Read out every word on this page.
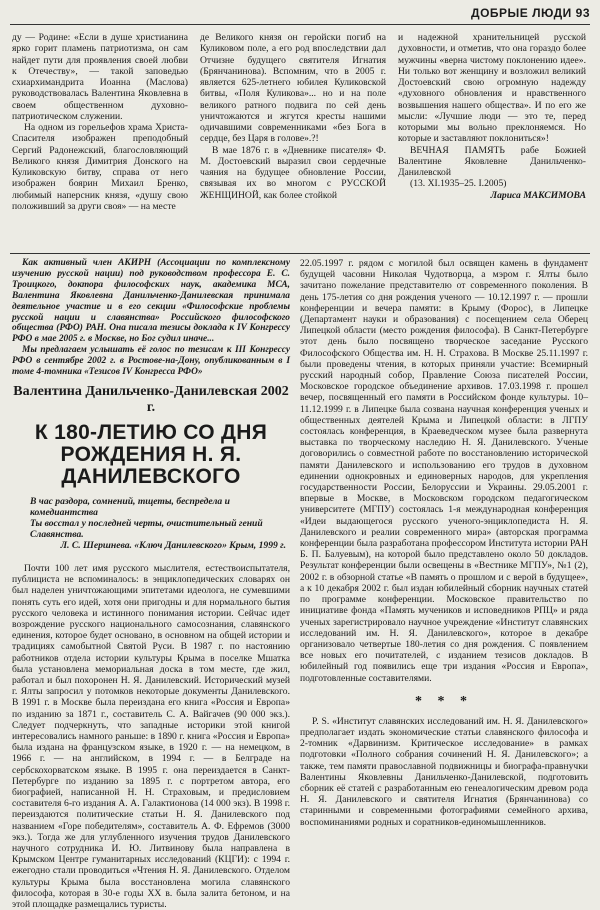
ДОБРЫЕ ЛЮДИ 93

ду — Родине: «Если в душе христианина ярко горит пламень патриотизма, он сам найдет пути для проявления своей любви к Отечеству», — такой заповедью схиархимандрита Иоанна (Маслова) руководствовалась Валентина Яковлевна в своем общественном духовно-патриотическом служении.

На одном из горельефов храма Христа-Спасителя изображен преподобный Сергий Радонежский, благословляющий Великого князя Димитрия Донского на Куликовскую битву, справа от него изображен боярин Михаил Бренко, любимый наперсник князя, «душу свою положивший за други своя» — на месте

де Великого князя он геройски погиб на Куликовом поле, а его род впоследствии дал Отчизне будущего святителя Игнатия (Брянчанинова). Вспомним, что в 2005 г. является 625-летнего юбилея Куликовской битвы, «Поля Куликова»... но и на поле великого ратного подвига по сей день уничтожаются и жгутся кресты нашими одичавшими современниками «без Бога в сердце, без Царя в голове».?!

В мае 1876 г. в «Дневнике писателя» Ф. М. Достоевский выразил свои сердечные чаяния на будущее обновление России, связывая их во многом с РУССКОЙ ЖЕНЩИНОЙ, как более стойкой

и надежной хранительницей русской духовности, и отметив, что она гораздо более мужчины «верна чистому поклонению идее». Ни только вот женщину и возложил великий Достоевский свою огромную надежду «духовного обновления и нравственного возвышения нашего общества». И по его же мысли: «Лучшие люди — это те, перед которыми мы вольно преклоняемся. Но которые и заставляют поклониться»!

ВЕЧНАЯ ПАМЯТЬ рабе Божией Валентине Яковлевне Данильченко-Данилевской

(13. XI.1935–25. I.2005)

Лариса МАКСИМОВА

Как активный член АКИРН (Ассоциации по комплексному изучению русской нации) под руководством профессора Е. С. Троицкого, доктора философских наук, академика МСА, Валентина Яковлевна Данильченко-Данилевская принимала деятельное участие и в его секции «Философские проблемы русской нации и славянства» Российского философского общества (РФО) РАН. Она писала тезисы доклада к IV Конгрессу РФО в мае 2005 г. в Москве, но Бог судил иначе...

Мы предлагаем услышать её голос по тезисам к III Конгрессу РФО в сентябре 2002 г. в Ростове-на-Дону, опубликованным в I томе 4-томника «Тезисов IV Конгресса РФО»

Валентина Данильченко-Данилевская 2002 г.
К 180-ЛЕТИЮ СО ДНЯ РОЖДЕНИЯ Н. Я. ДАНИЛЕВСКОГО
В час раздора, сомнений, тщеты, беспредела и комедиантства
Ты восстал у последней черты, очистительный гений Славянства.
Л. С. Шершнева. «Ключ Данилевского» Крым, 1999 г.

Почти 100 лет имя русского мыслителя, естествоиспытателя, публициста не вспоминалось: в энциклопедических словарях он был наделен уничтожающими эпитетами идеолога, не сумевшими понять суть его идей, хотя они пригодны и для нормального бытия русского человека и истинного понимания истории. Сейчас идет возрождение русского национального самосознания, славянского единения, которое будет основано, в основном на общей истории и традициях самобытной Святой Руси. В 1987 г. по настоянию работников отдела истории культуры Крыма в поселке Мшатка была установлена мемориальная доска в том месте, где жил, работал и был похоронен Н. Я. Данилевский. Исторический музей г. Ялты запросил у потомков некоторые документы Данилевского. В 1991 г. в Москве была переиздана его книга «Россия и Европа» по изданию за 1871 г., составитель С. А. Вайгачев (90 000 экз.). Следует подчеркнуть, что западные историки этой книгой интересовались намного раньше: в 1890 г. книга «Россия и Европа» была издана на французском языке, в 1920 г. — на немецком, в 1966 г. — на английском, в 1994 г. — в Белграде на сербскохорватском языке. В 1995 г. она переиздается в Санкт-Петербурге по изданию за 1895 г. с портретом автора, его биографией, написанной Н. Н. Страховым, и предисловием составителя 6-го издания А. А. Галактионова (14 000 экз). В 1998 г. переиздаются политические статьи Н. Я. Данилевского под названием «Горе победителям», составитель А. Ф. Ефремов (3000 экз.). Тогда же для углубленного изучения трудов Данилевского научного сотрудника И. Ю. Литвинову была направлена в Крымском Центре гуманитарных исследований (КЦГИ): с 1994 г. ежегодно стали проводиться «Чтения Н. Я. Данилевского. Отделом культуры Крыма была восстановлена могила славянского философа, которая в 30-е годы XX в. была залита бетоном, и на этой площадке размещались туристы.

22.05.1997 г. рядом с могилой был освящен камень в фундамент будущей часовни Николая Чудотворца, а мэром г. Ялты было зачитано пожелание представителю от современного поколения. В день 175-летия со дня рождения ученого — 10.12.1997 г. — прошли конференции и вечера памяти: в Крыму (Форос), в Липецке (Департамент науки и образования) с посещением села Оберец Липецкой области (место рождения философа). В Санкт-Петербурге этот день было посвящено творческое заседание Русского Философского Общества им. Н. Н. Страхова. В Москве 25.11.1997 г. были проведены чтения, в которых приняли участие: Всемирный русский народный собор, Правление Союза писателей России, Московское городское объединение архивов. 17.03.1998 г. прошел вечер, посвященный его памяти в Российском фонде культуры. 10–11.12.1999 г. в Липецке была созвана научная конференция ученых и общественных деятелей Крыма и Липецкой области: в ЛГПУ состоялась конференция, в Краеведческом музее была развернута выставка по творческому наследию Н. Я. Данилевского. Ученые договорились о совместной работе по восстановлению исторической памяти Данилевского и использованию его трудов в духовном единении однокровных и единоверных народов, для укрепления государственности России, Белоруссии и Украины. 29.05.2001 г. впервые в Москве, в Московском городском педагогическом университете (МГПУ) состоялась 1-я международная конференция «Идеи выдающегося русского ученого-энциклопедиста Н. Я. Данилевского и реалии современного мира» (авторская программа конференции была разработана профессором Института истории РАН Б. П. Балуевым), на которой было представлено около 50 докладов. Результат конференции были освещены в «Вестнике МГПУ», №1 (2), 2002 г. в обзорной статье «В память о прошлом и с верой в будущее», а к 10 декабря 2002 г. был издан юбилейный сборник научных статей по программе конференции. Московское правительство по инициативе фонда «Память мучеников и исповедников РПЦ» и ряда ученых зарегистрировало научное учреждение «Институт славянских исследований им. Н. Я. Данилевского», которое в декабре организовало четвертые 180-летия со дня рождения. С появлением все новых его почитателей, с изданием тезисов докладов. В юбилейный год появились еще три издания «Россия и Европа», подготовленные составителями.

* * *

P. S. «Институт славянских исследований им. Н. Я. Данилевского» предполагает издать экономические статьи славянского философа и 2-томник «Дарвинизм. Критическое исследование» в рамках подготовки «Полного собрания сочинений Н. Я. Данилевского»; а также, тем памяти православной подвижницы и биографа-правнучки Валентины Яковлевны Данильченко-Данилевской, подготовить сборник её статей с разработанным ею генеалогическим древом рода Н. Я. Данилевского и святителя Игнатия (Брянчанинова) со старинными и современными фотографиями семейного архива, воспоминаниями родных и соратников-единомышленников.
